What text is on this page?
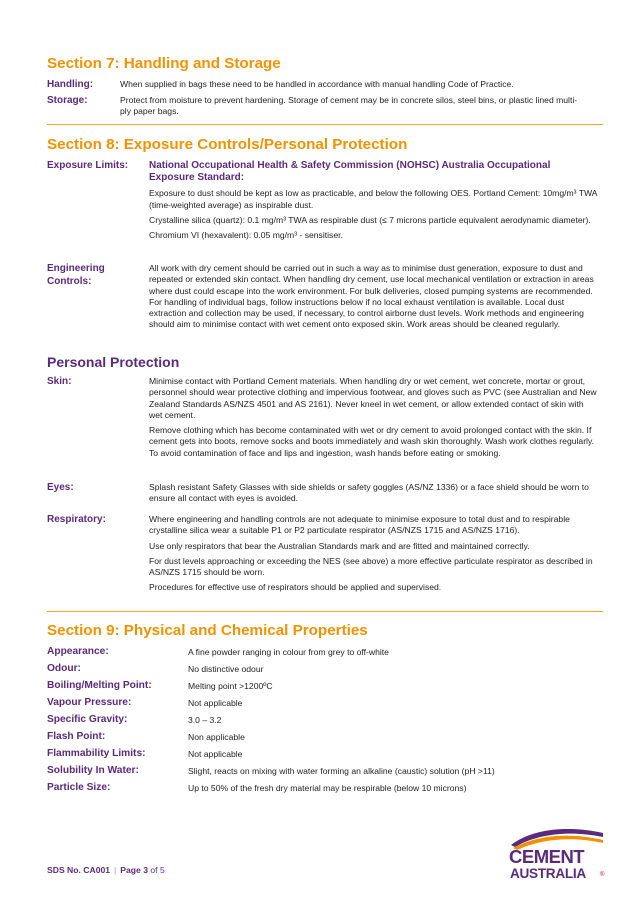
Section 7: Handling and Storage
Handling:	When supplied in bags these need to be handled in accordance with manual handling Code of Practice.
Storage:	Protect from moisture to prevent hardening. Storage of cement may be in concrete silos, steel bins, or plastic lined multi-ply paper bags.
Section 8: Exposure Controls/Personal Protection
Exposure Limits: National Occupational Health & Safety Commission (NOHSC) Australia Occupational Exposure Standard:

Exposure to dust should be kept as low as practicable, and below the following OES. Portland Cement: 10mg/m³ TWA (time-weighted average) as inspirable dust.

Crystalline silica (quartz): 0.1 mg/m³ TWA as respirable dust (≤ 7 microns particle equivalent aerodynamic diameter).

Chromium VI (hexavalent): 0.05 mg/m³ - sensitiser.

Engineering Controls:
All work with dry cement should be carried out in such a way as to minimise dust generation, exposure to dust and repeated or extended skin contact. When handling dry cement, use local mechanical ventilation or extraction in areas where dust could escape into the work environment. For bulk deliveries, closed pumping systems are recommended. For handling of individual bags, follow instructions below if no local exhaust ventilation is available. Local dust extraction and collection may be used, if necessary, to control airborne dust levels. Work methods and engineering should aim to minimise contact with wet cement onto exposed skin. Work areas should be cleaned regularly.
Personal Protection
Skin:	Minimise contact with Portland Cement materials. When handling dry or wet cement, wet concrete, mortar or grout, personnel should wear protective clothing and impervious footwear, and gloves such as PVC (see Australian and New Zealand Standards AS/NZS 4501 and AS 2161). Never kneel in wet cement, or allow extended contact of skin with wet cement.

Remove clothing which has become contaminated with wet or dry cement to avoid prolonged contact with the skin. If cement gets into boots, remove socks and boots immediately and wash skin thoroughly. Wash work clothes regularly. To avoid contamination of face and lips and ingestion, wash hands before eating or smoking.

Eyes:	Splash resistant Safety Glasses with side shields or safety goggles (AS/NZ 1336) or a face shield should be worn to ensure all contact with eyes is avoided.
Respiratory:	Where engineering and handling controls are not adequate to minimise exposure to total dust and to respirable crystalline silica wear a suitable P1 or P2 particulate respirator (AS/NZS 1715 and AS/NZS 1716).

Use only respirators that bear the Australian Standards mark and are fitted and maintained correctly.

For dust levels approaching or exceeding the NES (see above) a more effective particulate respirator as described in AS/NZS 1715 should be worn.

Procedures for effective use of respirators should be applied and supervised.

Section 9: Physical and Chemical Properties
Appearance:	A fine powder ranging in colour from grey to off-white
Odour:	No distinctive odour
Boiling/Melting Point:	Melting point >1200ºC
Vapour Pressure:	Not applicable
Specific Gravity:	3.0 – 3.2
Flash Point:	Non applicable
Flammability Limits:	Not applicable
Solubility In Water:	Slight, reacts on mixing with water forming an alkaline (caustic) solution (pH >11)
Particle Size:	Up to 50% of the fresh dry material may be respirable (below 10 microns)
SDS No. CA001 | Page 3 of 5
CEMENT
AUSTRALIA ®
